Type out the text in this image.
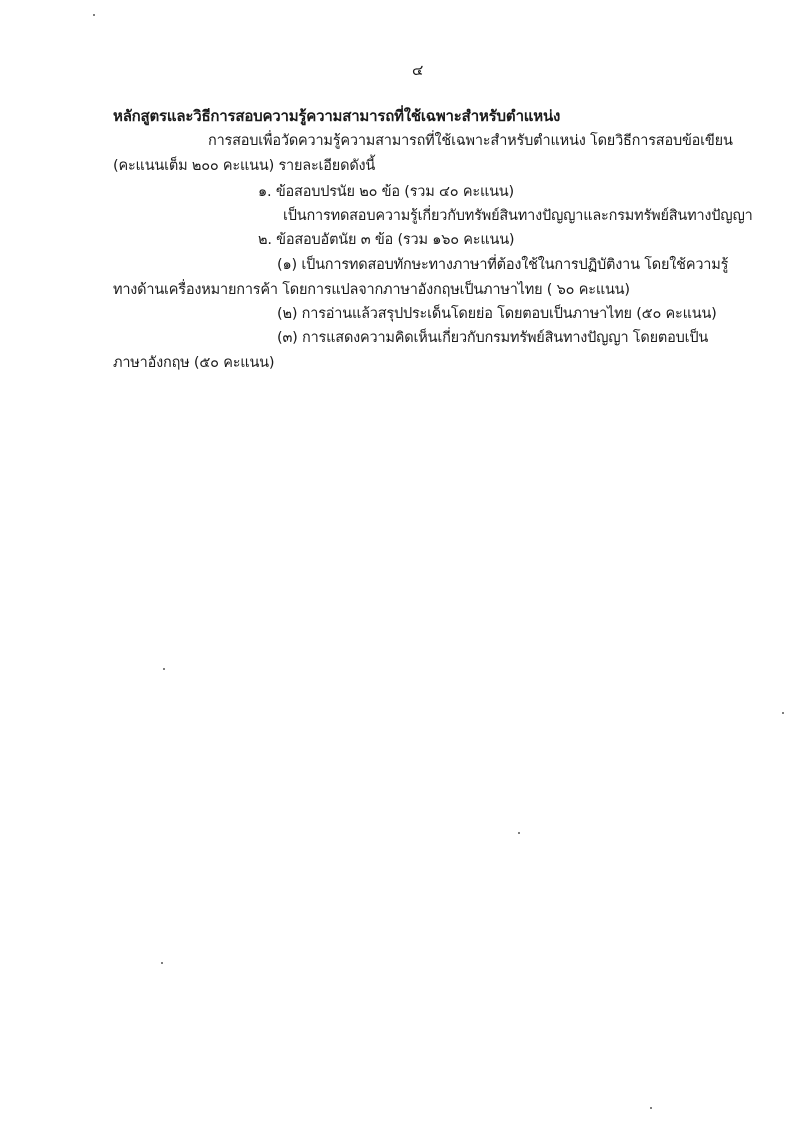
๔
หลักสูตรและวิธีการสอบความรู้ความสามารถที่ใช้เฉพาะสำหรับตำแหน่ง
การสอบเพื่อวัดความรู้ความสามารถที่ใช้เฉพาะสำหรับตำแหน่ง โดยวิธีการสอบข้อเขียน
(คะแนนเต็ม ๒๐๐ คะแนน) รายละเอียดดังนี้
๑. ข้อสอบปรนัย ๒๐ ข้อ (รวม ๔๐ คะแนน)
เป็นการทดสอบความรู้เกี่ยวกับทรัพย์สินทางปัญญาและกรมทรัพย์สินทางปัญญา
๒. ข้อสอบอัตนัย ๓ ข้อ (รวม ๑๖๐ คะแนน)
(๑) เป็นการทดสอบทักษะทางภาษาที่ต้องใช้ในการปฏิบัติงาน โดยใช้ความรู้
ทางด้านเครื่องหมายการค้า โดยการแปลจากภาษาอังกฤษเป็นภาษาไทย ( ๖๐ คะแนน)
(๒) การอ่านแล้วสรุปประเด็นโดยย่อ โดยตอบเป็นภาษาไทย (๕๐ คะแนน)
(๓) การแสดงความคิดเห็นเกี่ยวกับกรมทรัพย์สินทางปัญญา โดยตอบเป็น
ภาษาอังกฤษ (๕๐ คะแนน)
